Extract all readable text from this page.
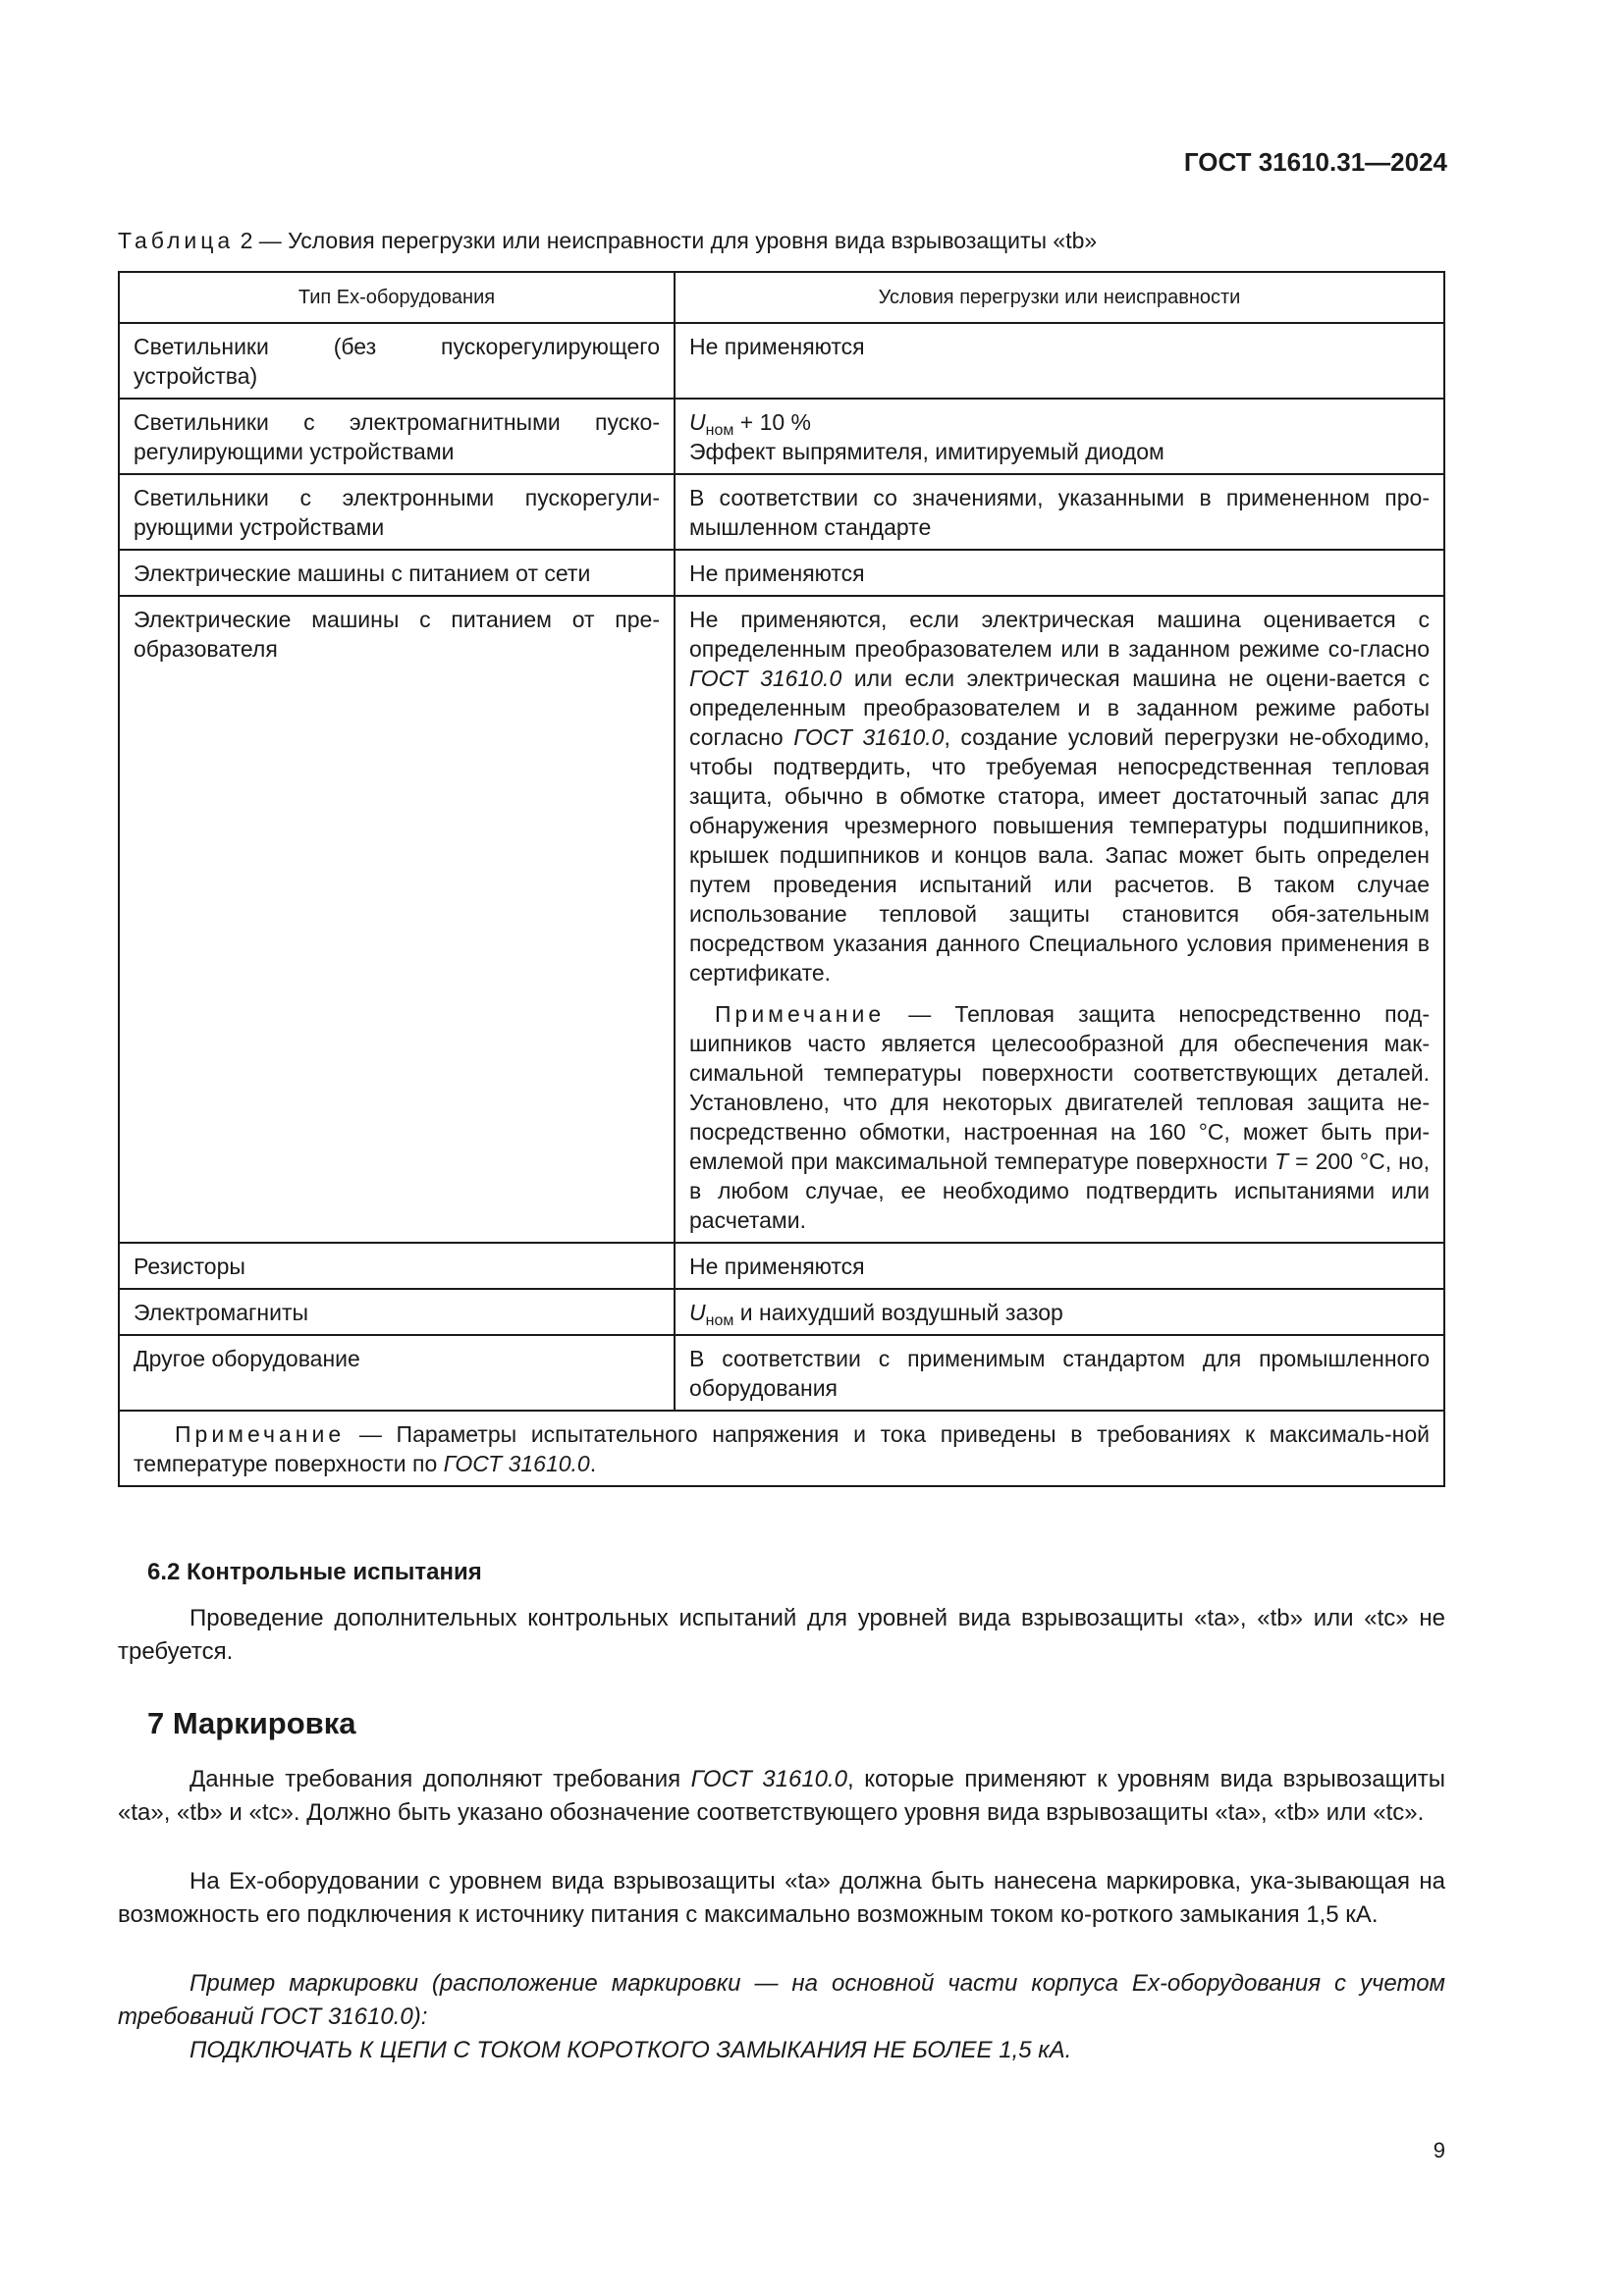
ГОСТ 31610.31—2024
Таблица 2 — Условия перегрузки или неисправности для уровня вида взрывозащиты «tb»
Тип Ex-оборудования	Условия перегрузки или неисправности
Светильники (без пускорегулирующего устройства)	Не применяются
Светильники с электромагнитными пуско-регулирующими устройствами	$U_{ном} + 10$ %
Эффект выпрямителя, имитируемый диодом

Светильники с электронными пускорегули-рующими устройствами	В соответствии со значениями, указанными в примененном про-мышленном стандарте
Электрические машины с питанием от сети	Не применяются
Электрические машины с питанием от пре-образователя	Не применяются, если электрическая машина оценивается с определенным преобразователем или в заданном режиме со-гласно ГОСТ 31610.0 или если электрическая машина не оцени-вается с определенным преобразователем и в заданном режиме работы согласно ГОСТ 31610.0, создание условий перегрузки не-обходимо, чтобы подтвердить, что требуемая непосредственная тепловая защита, обычно в обмотке статора, имеет достаточный запас для обнаружения чрезмерного повышения температуры подшипников, крышек подшипников и концов вала. Запас может быть определен путем проведения испытаний или расчетов. В таком случае использование тепловой защиты становится обя-зательным посредством указания данного Специального условия применения в сертификате.
Примечание — Тепловая защита непосредственно под-шипников часто является целесообразной для обеспечения мак-симальной температуры поверхности соответствующих деталей. Установлено, что для некоторых двигателей тепловая защита не-посредственно обмотки, настроенная на 160 °C, может быть при-емлемой при максимальной температуре поверхности T = 200 °C, но, в любом случае, ее необходимо подтвердить испытаниями или расчетами.

Резисторы	Не применяются
Электромагниты	$U_{ном}$ и наихудший воздушный зазор
Другое оборудование	В соответствии с применимым стандартом для промышленного оборудования
Примечание — Параметры испытательного напряжения и тока приведены в требованиях к максималь-ной температуре поверхности по ГОСТ 31610.0.	
6.2 Контрольные испытания
Проведение дополнительных контрольных испытаний для уровней вида взрывозащиты «ta», «tb» или «tc» не требуется.
7 Маркировка
Данные требования дополняют требования ГОСТ 31610.0, которые применяют к уровням вида взрывозащиты «ta», «tb» и «tc». Должно быть указано обозначение соответствующего уровня вида взрывозащиты «ta», «tb» или «tc».
На Ex-оборудовании с уровнем вида взрывозащиты «ta» должна быть нанесена маркировка, ука-зывающая на возможность его подключения к источнику питания с максимально возможным током ко-роткого замыкания 1,5 кА.
Пример маркировки (расположение маркировки — на основной части корпуса Ex-оборудования с учетом требований ГОСТ 31610.0):
ПОДКЛЮЧАТЬ К ЦЕПИ С ТОКОМ КОРОТКОГО ЗАМЫКАНИЯ НЕ БОЛЕЕ 1,5 кА.
9
